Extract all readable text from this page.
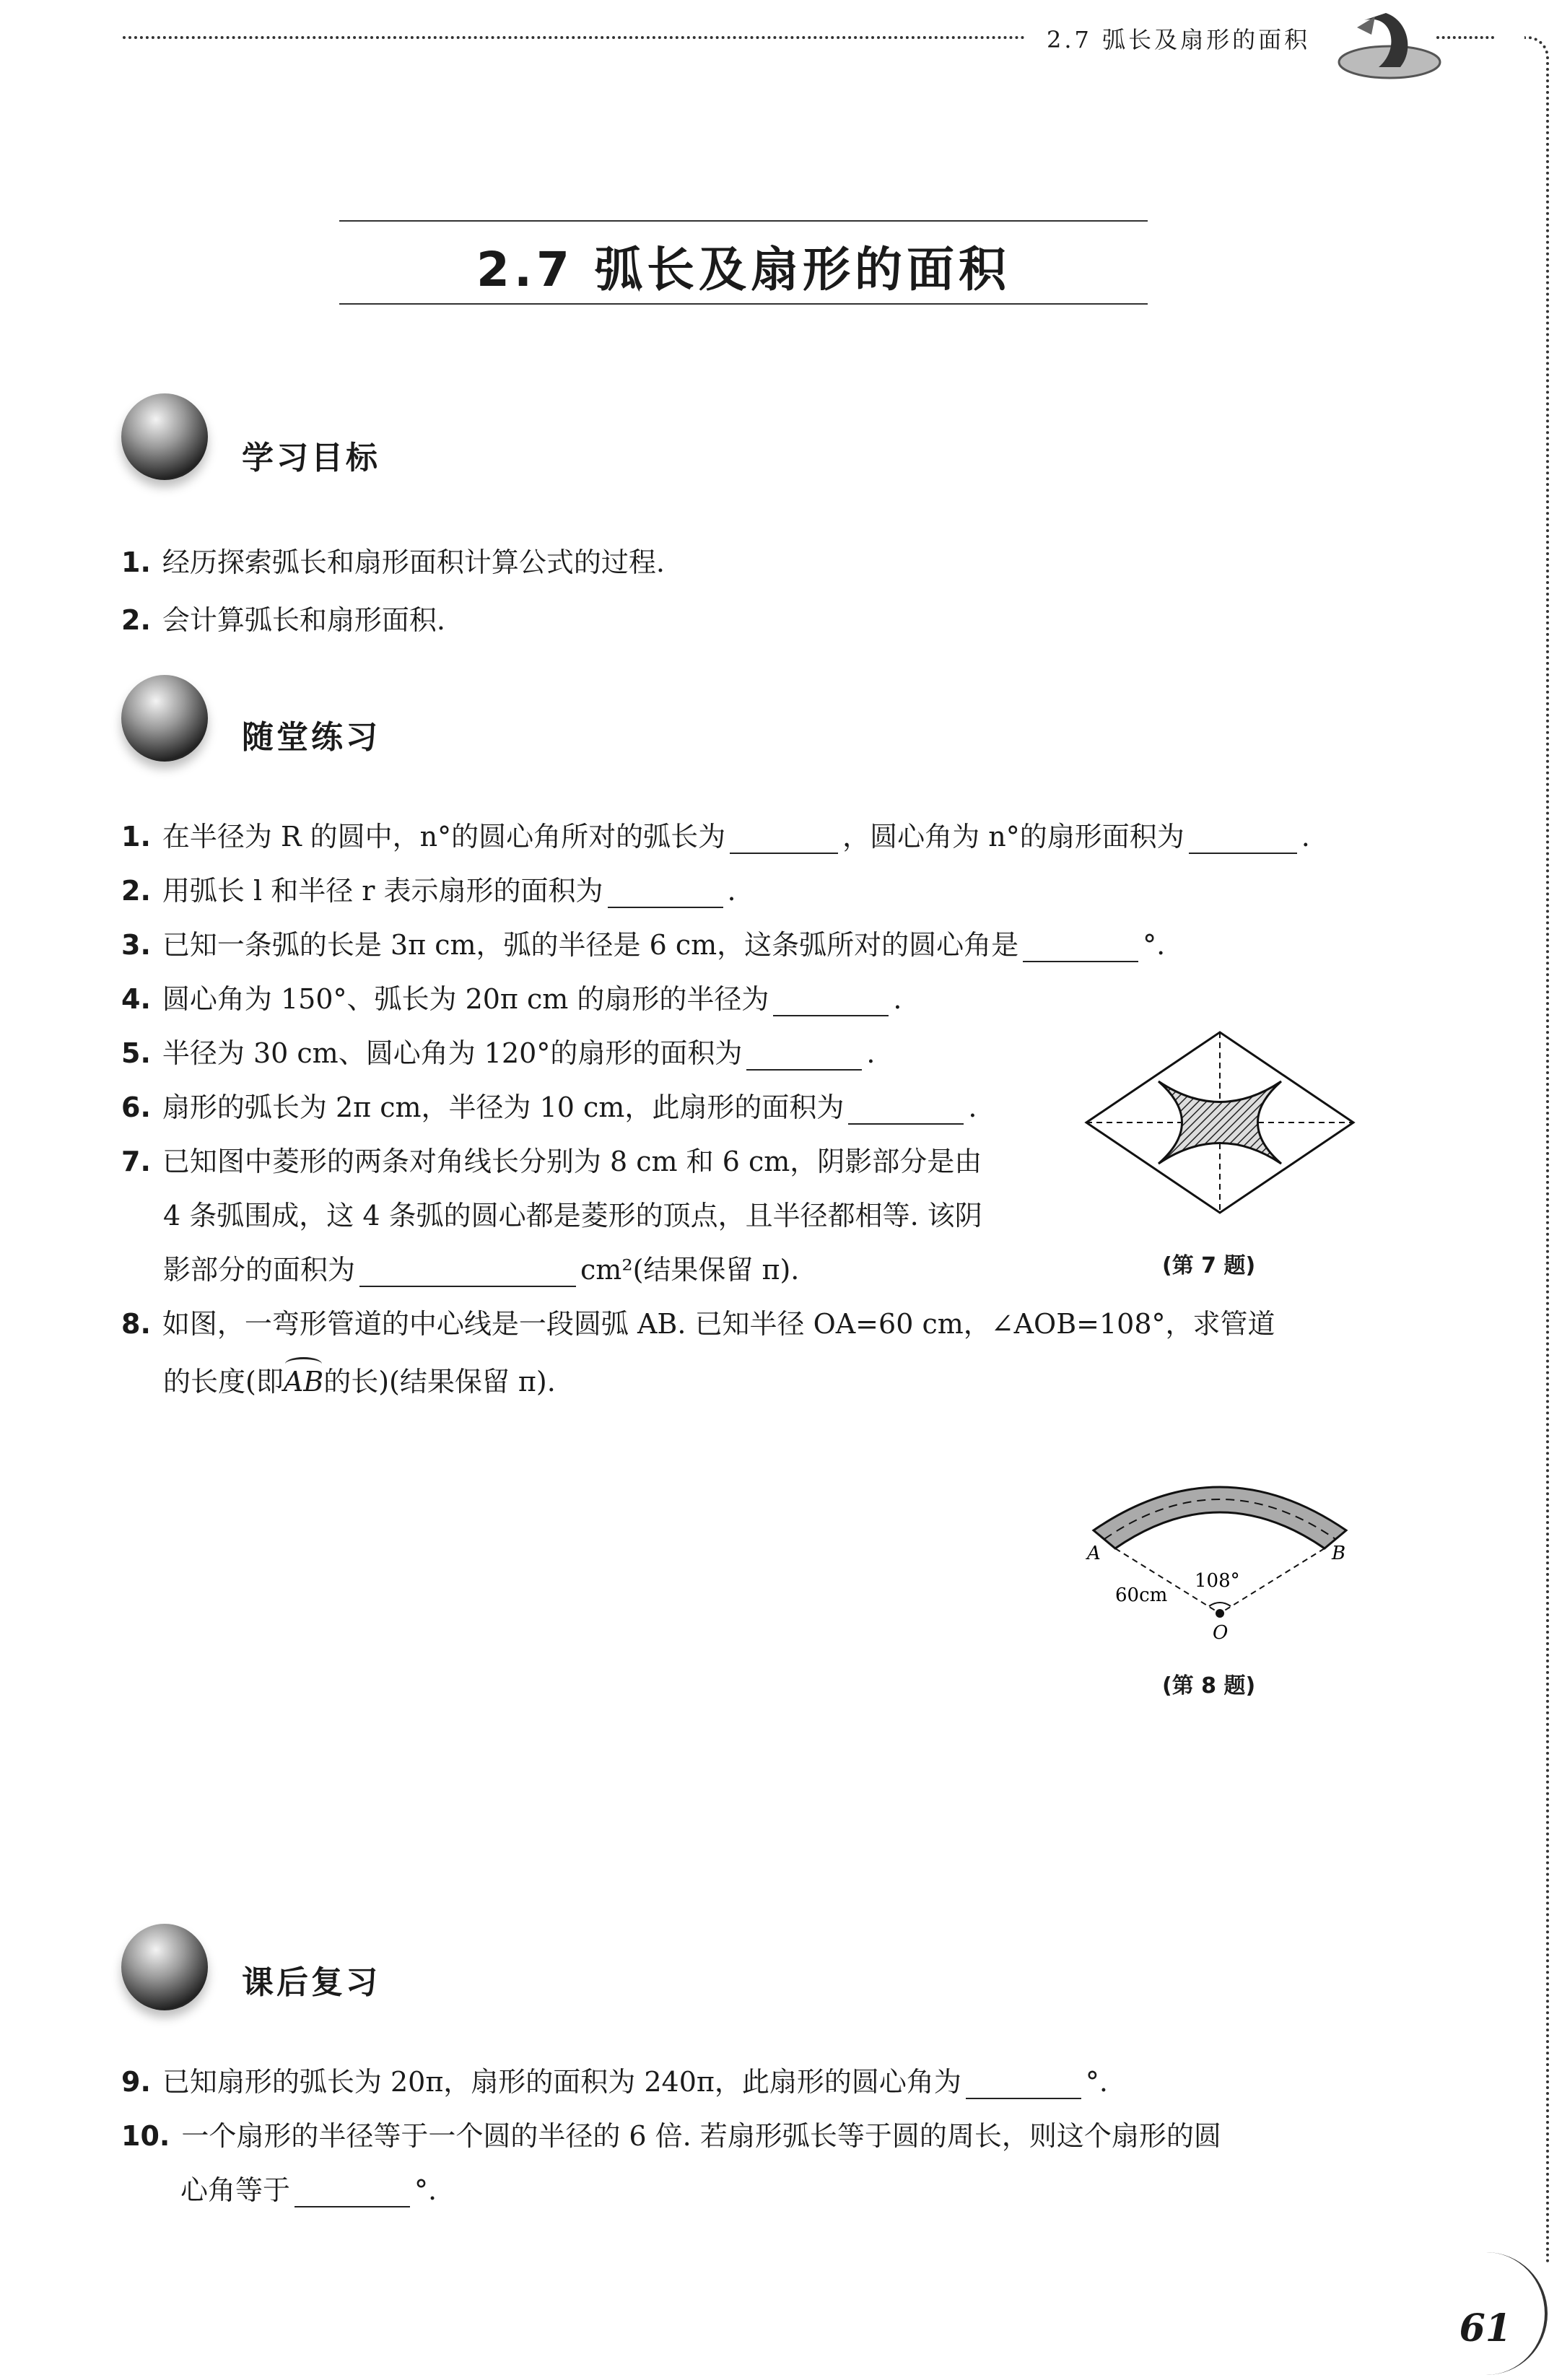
2.7 弧长及扇形的面积
2.7 弧长及扇形的面积
学习目标
1. 经历探索弧长和扇形面积计算公式的过程.
2. 会计算弧长和扇形面积.
随堂练习
1. 在半径为 R 的圆中，n°的圆心角所对的弧长为	，圆心角为 n°的扇形面积为	.
2. 用弧长 l 和半径 r 表示扇形的面积为	.
3. 已知一条弧的长是 3π cm，弧的半径是 6 cm，这条弧所对的圆心角是	°.
4. 圆心角为 150°、弧长为 20π cm 的扇形的半径为	.
5. 半径为 30 cm、圆心角为 120°的扇形的面积为	.
6. 扇形的弧长为 2π cm，半径为 10 cm，此扇形的面积为	.
7. 已知图中菱形的两条对角线长分别为 8 cm 和 6 cm，阴影部分是由
4 条弧围成，这 4 条弧的圆心都是菱形的顶点，且半径都相等. 该阴
影部分的面积为	cm²(结果保留 π).	(第 7 题)
8. 如图，一弯形管道的中心线是一段圆弧 AB. 已知半径 OA=60 cm，∠AOB=108°，求管道
的长度(即
AB的长)(结果保留 π).
A	B
O
60cm
108°
(第 8 题)
课后复习
9. 已知扇形的弧长为 20π，扇形的面积为 240π，此扇形的圆心角为	°.
10. 一个扇形的半径等于一个圆的半径的 6 倍. 若扇形弧长等于圆的周长，则这个扇形的圆
心角等于	°.
61
